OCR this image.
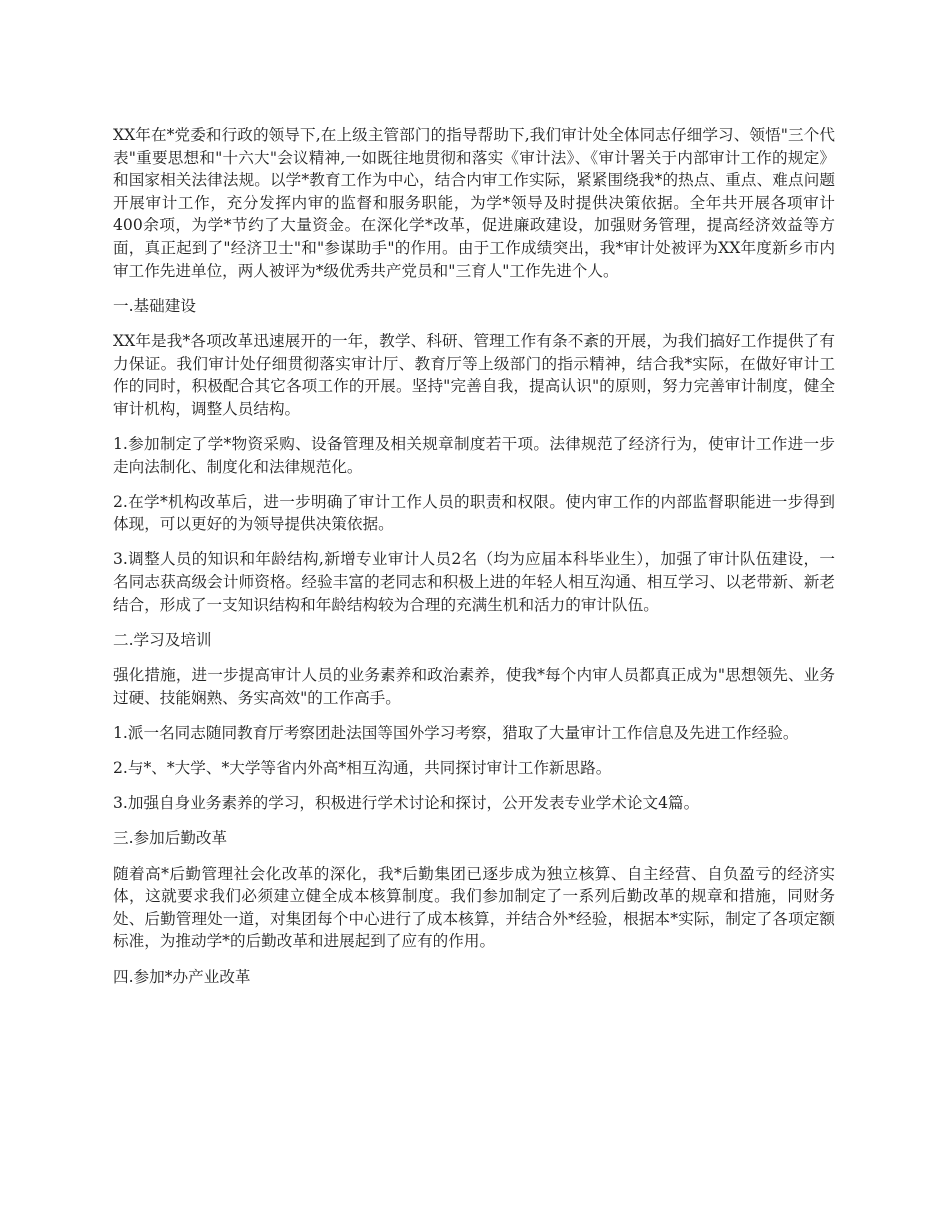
XX年在*党委和行政的领导下,在上级主管部门的指导帮助下,我们审计处全体同志仔细学习、领悟"三个代表"重要思想和"十六大"会议精神,一如既往地贯彻和落实《审计法》、《审计署关于内部审计工作的规定》和国家相关法律法规。以学*教育工作为中心，结合内审工作实际，紧紧围绕我*的热点、重点、难点问题开展审计工作，充分发挥内审的监督和服务职能，为学*领导及时提供决策依据。全年共开展各项审计400余项，为学*节约了大量资金。在深化学*改革，促进廉政建设，加强财务管理，提高经济效益等方面，真正起到了"经济卫士"和"参谋助手"的作用。由于工作成绩突出，我*审计处被评为XX年度新乡市内审工作先进单位，两人被评为*级优秀共产党员和"三育人"工作先进个人。

一.基础建设

XX年是我*各项改革迅速展开的一年，教学、科研、管理工作有条不紊的开展，为我们搞好工作提供了有力保证。我们审计处仔细贯彻落实审计厅、教育厅等上级部门的指示精神，结合我*实际，在做好审计工作的同时，积极配合其它各项工作的开展。坚持"完善自我，提高认识"的原则，努力完善审计制度，健全审计机构，调整人员结构。

1.参加制定了学*物资采购、设备管理及相关规章制度若干项。法律规范了经济行为，使审计工作进一步走向法制化、制度化和法律规范化。

2.在学*机构改革后，进一步明确了审计工作人员的职责和权限。使内审工作的内部监督职能进一步得到体现，可以更好的为领导提供决策依据。

3.调整人员的知识和年龄结构,新增专业审计人员2名（均为应届本科毕业生），加强了审计队伍建设，一名同志获高级会计师资格。经验丰富的老同志和积极上进的年轻人相互沟通、相互学习、以老带新、新老结合，形成了一支知识结构和年龄结构较为合理的充满生机和活力的审计队伍。

二.学习及培训

强化措施，进一步提高审计人员的业务素养和政治素养，使我*每个内审人员都真正成为"思想领先、业务过硬、技能娴熟、务实高效"的工作高手。

1.派一名同志随同教育厅考察团赴法国等国外学习考察，猎取了大量审计工作信息及先进工作经验。

2.与*、*大学、*大学等省内外高*相互沟通，共同探讨审计工作新思路。

3.加强自身业务素养的学习，积极进行学术讨论和探讨，公开发表专业学术论文4篇。

三.参加后勤改革

随着高*后勤管理社会化改革的深化，我*后勤集团已逐步成为独立核算、自主经营、自负盈亏的经济实体，这就要求我们必须建立健全成本核算制度。我们参加制定了一系列后勤改革的规章和措施，同财务处、后勤管理处一道，对集团每个中心进行了成本核算，并结合外*经验，根据本*实际，制定了各项定额标准，为推动学*的后勤改革和进展起到了应有的作用。

四.参加*办产业改革
